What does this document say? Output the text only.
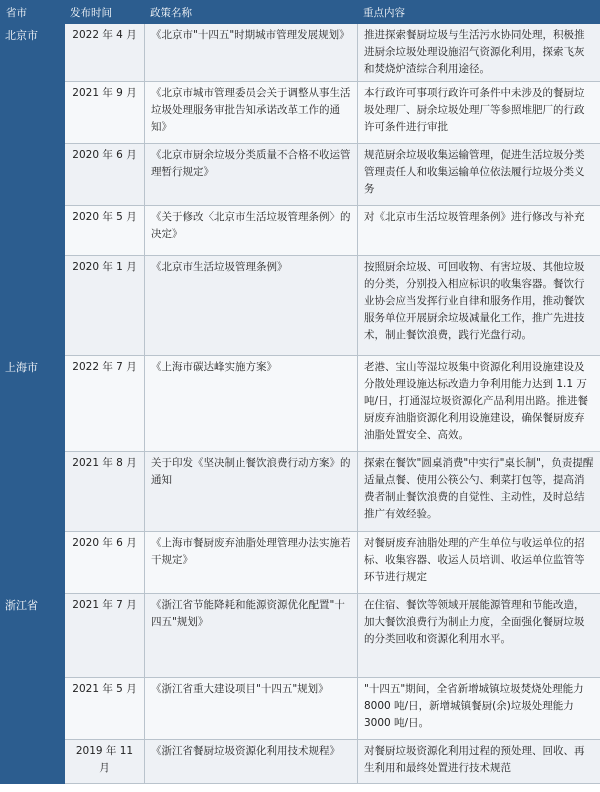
省市	发布时间	政策名称	重点内容
北京市	2022 年 4 月	《北京市"十四五"时期城市管理发展规划》	推进探索餐厨垃圾与生活污水协同处理，积极推进厨余垃圾处理设施沼气资源化利用，探索飞灰和焚烧炉渣综合利用途径。
	2021 年 9 月	《北京市城市管理委员会关于调整从事生活垃圾处理服务审批告知承诺改革工作的通知》	本行政许可事项行政许可条件中未涉及的餐厨垃圾处理厂、厨余垃圾处理厂等参照堆肥厂的行政许可条件进行审批
	2020 年 6 月	《北京市厨余垃圾分类质量不合格不收运管理暂行规定》	规范厨余垃圾收集运输管理，促进生活垃圾分类管理责任人和收集运输单位依法履行垃圾分类义务
	2020 年 5 月	《关于修改〈北京市生活垃圾管理条例〉的决定》	对《北京市生活垃圾管理条例》进行修改与补充
	2020 年 1 月	《北京市生活垃圾管理条例》	按照厨余垃圾、可回收物、有害垃圾、其他垃圾的分类，分别投入相应标识的收集容器。餐饮行业协会应当发挥行业自律和服务作用，推动餐饮服务单位开展厨余垃圾减量化工作，推广先进技术，制止餐饮浪费，践行光盘行动。
上海市	2022 年 7 月	《上海市碳达峰实施方案》	老港、宝山等湿垃圾集中资源化利用设施建设及分散处理设施达标改造力争利用能力达到 1.1 万吨/日，打通湿垃圾资源化产品利用出路。推进餐厨废弃油脂资源化利用设施建设，确保餐厨废弃油脂处置安全、高效。
	2021 年 8 月	关于印发《坚决制止餐饮浪费行动方案》的通知	探索在餐饮"圆桌消费"中实行"桌长制"，负责提醒适量点餐、使用公筷公勺、剩菜打包等，提高消费者制止餐饮浪费的自觉性、主动性，及时总结推广有效经验。
	2020 年 6 月	《上海市餐厨废弃油脂处理管理办法实施若干规定》	对餐厨废弃油脂处理的产生单位与收运单位的招标、收集容器、收运人员培训、收运单位监管等环节进行规定
浙江省	2021 年 7 月	《浙江省节能降耗和能源资源优化配置"十四五"规划》	在住宿、餐饮等领域开展能源管理和节能改造，加大餐饮浪费行为制止力度，全面强化餐厨垃圾的分类回收和资源化利用水平。
	2021 年 5 月	《浙江省重大建设项目"十四五"规划》	"十四五"期间，全省新增城镇垃圾焚烧处理能力 8000 吨/日，新增城镇餐厨(余)垃圾处理能力 3000 吨/日。
	2019 年 11 月	《浙江省餐厨垃圾资源化利用技术规程》	对餐厨垃圾资源化利用过程的预处理、回收、再生利用和最终处置进行技术规范
